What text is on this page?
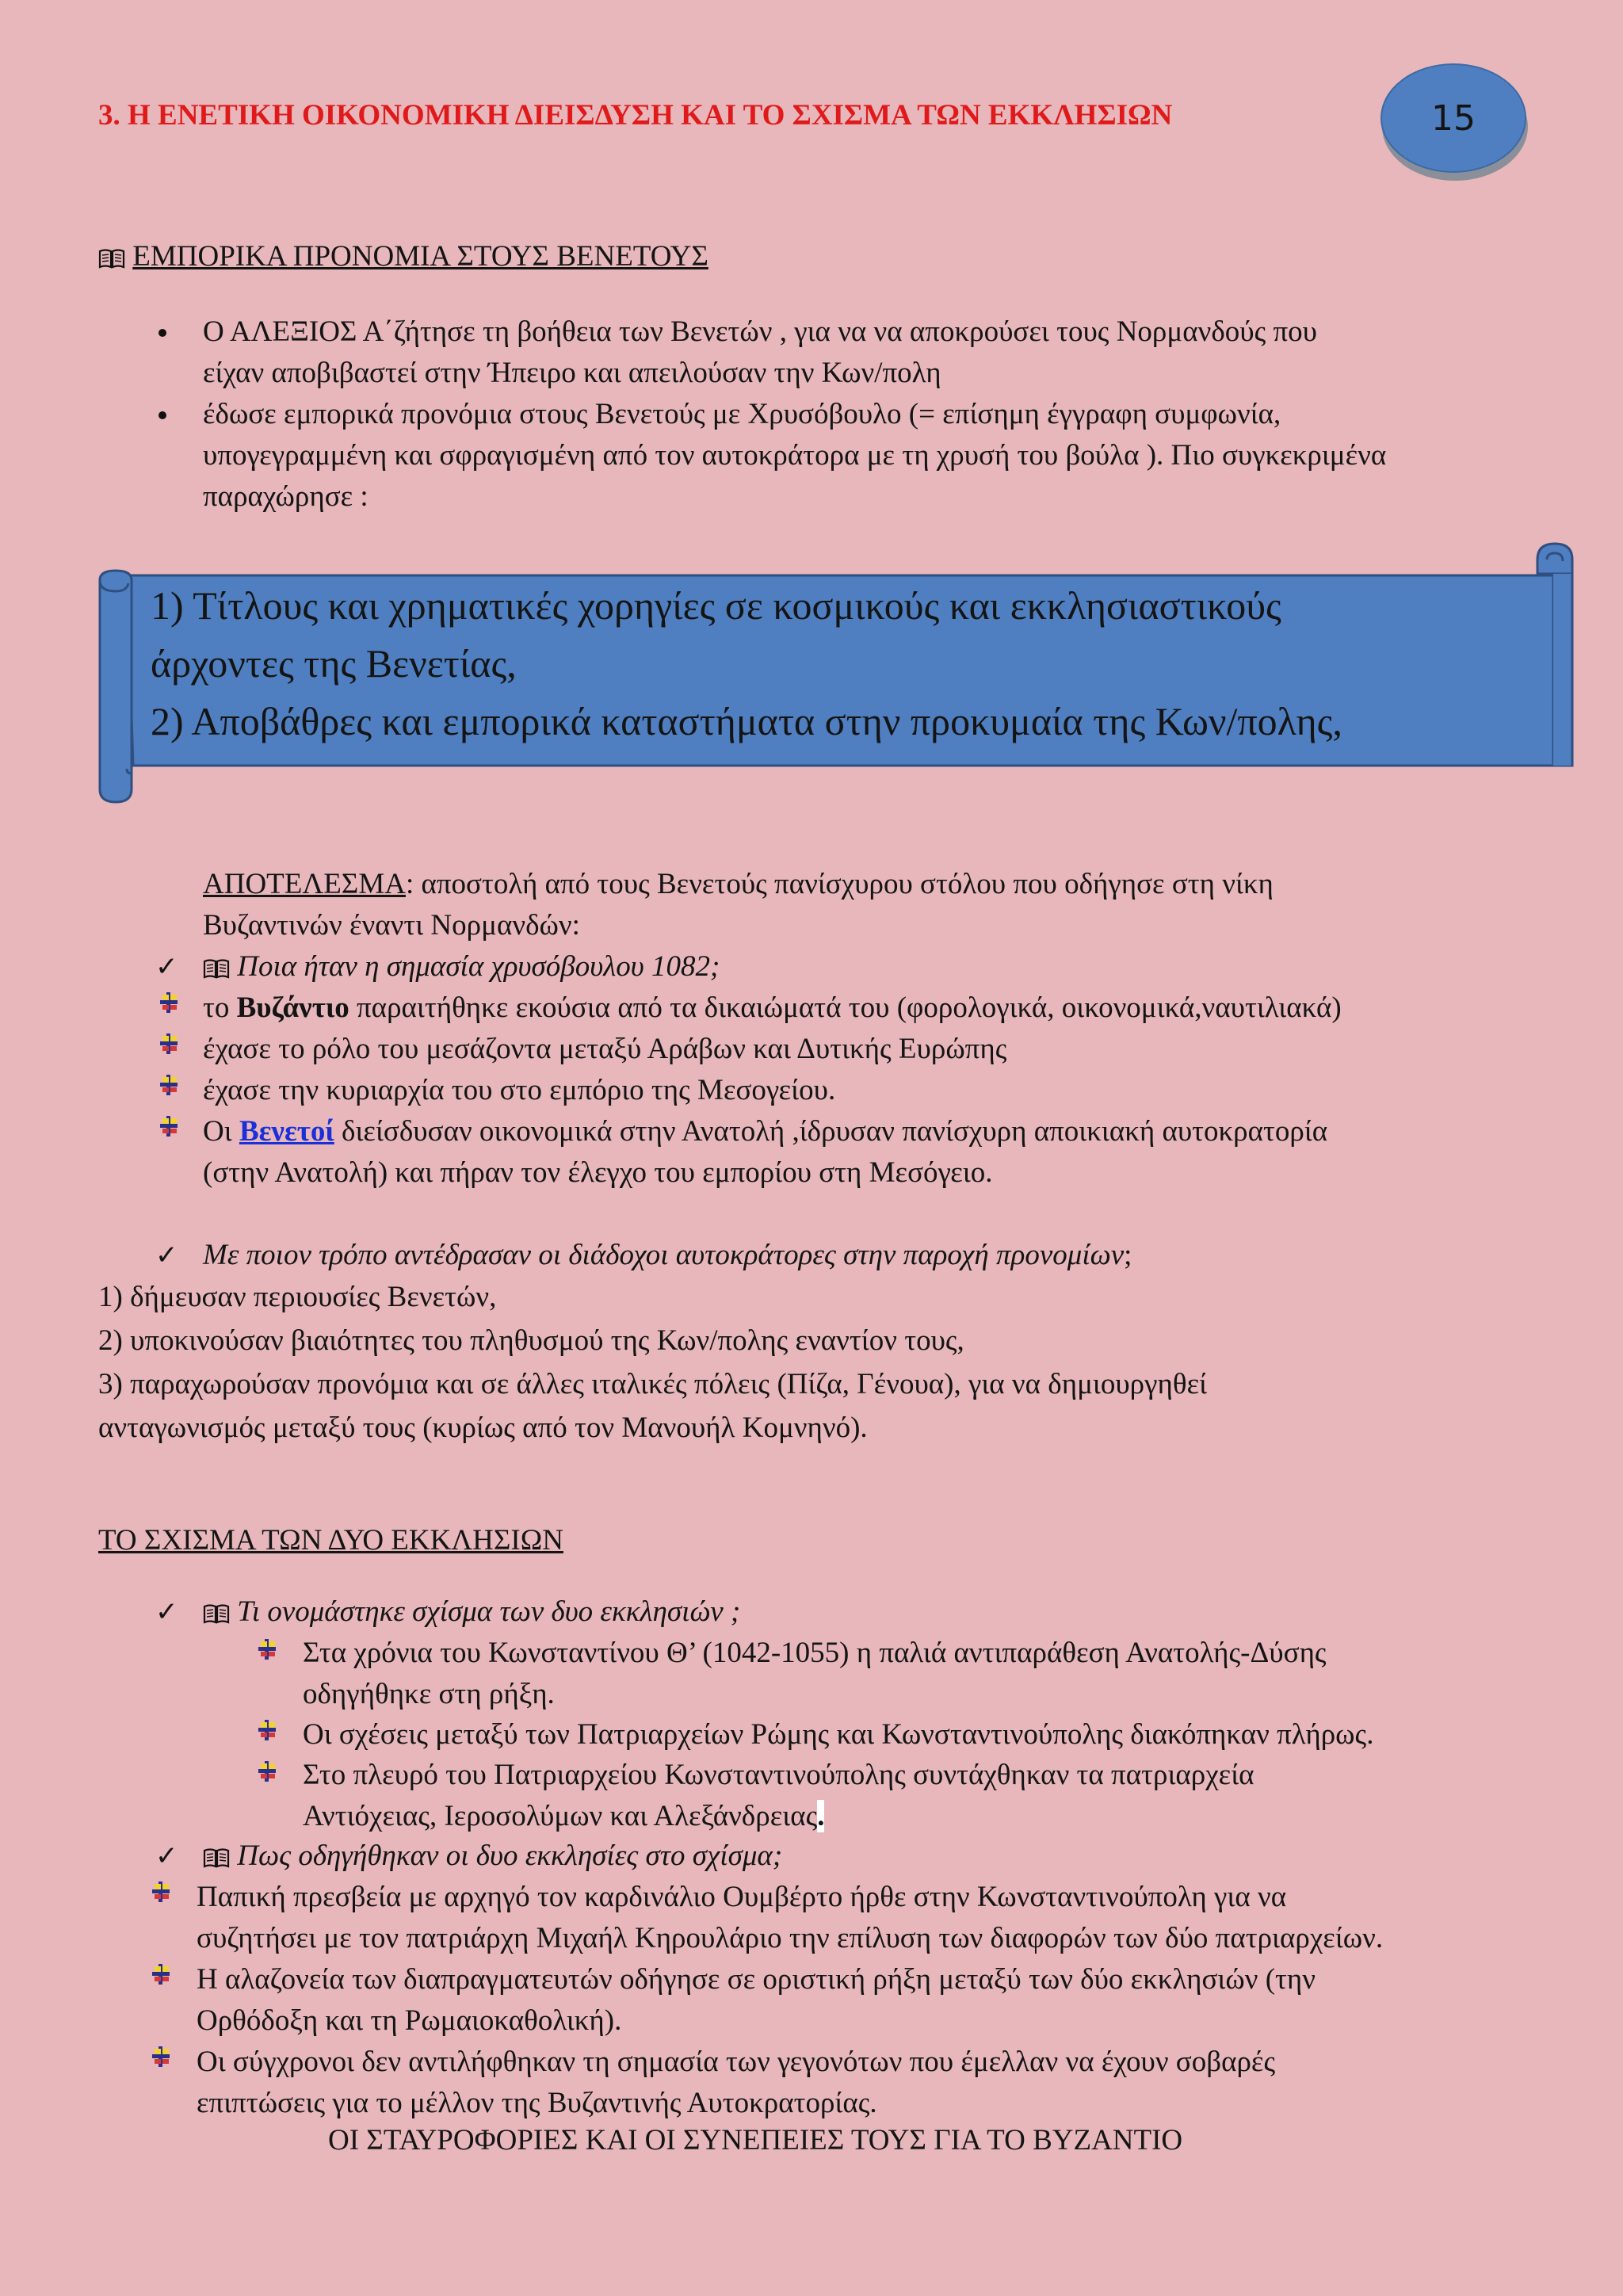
3. Η ΕΝΕΤΙΚΗ ΟΙΚΟΝΟΜΙΚΗ ΔΙΕΙΣΔΥΣΗ ΚΑΙ ΤΟ ΣΧΙΣΜΑ ΤΩΝ ΕΚΚΛΗΣΙΩΝ	15
ΕΜΠΟΡΙΚΑ ΠΡΟΝΟΜΙΑ ΣΤΟΥΣ ΒΕΝΕΤΟΥΣ
Ο ΑΛΕΞΙΟΣ Α΄ζήτησε τη βοήθεια των Βενετών , για να να αποκρούσει τους Νορμανδούς που
είχαν αποβιβαστεί στην Ήπειρο και απειλούσαν την Κων/πολη
έδωσε εμπορικά προνόμια στους Βενετούς με Χρυσόβουλο (= επίσημη έγγραφη συμφωνία,
υπογεγραμμένη και σφραγισμένη από τον αυτοκράτορα με τη χρυσή του βούλα ). Πιο συγκεκριμένα
παραχώρησε :
1) Τίτλους και χρηματικές χορηγίες σε κοσμικούς και εκκλησιαστικούς
άρχοντες της Βενετίας,
2) Αποβάθρες και εμπορικά καταστήματα στην προκυμαία της Κων/πολης,
ΑΠΟΤΕΛΕΣΜΑ: αποστολή από τους Βενετούς πανίσχυρου στόλου που οδήγησε στη νίκη
Βυζαντινών έναντι Νορμανδών:
✓	Ποια ήταν η σημασία χρυσόβουλου 1082;
το Βυζάντιο παραιτήθηκε εκούσια από τα δικαιώματά του (φορολογικά, οικονομικά,ναυτιλιακά)
έχασε το ρόλο του μεσάζοντα μεταξύ Αράβων και Δυτικής Ευρώπης
έχασε την κυριαρχία του στο εμπόριο της Μεσογείου.
Οι Βενετοί διείσδυσαν οικονομικά στην Ανατολή ,ίδρυσαν πανίσχυρη αποικιακή αυτοκρατορία
(στην Ανατολή) και πήραν τον έλεγχο του εμπορίου στη Μεσόγειο.
✓ Με ποιον τρόπο αντέδρασαν οι διάδοχοι αυτοκράτορες στην παροχή προνομίων;
1) δήμευσαν περιουσίες Βενετών,
2) υποκινούσαν βιαιότητες του πληθυσμού της Κων/πολης εναντίον τους,
3) παραχωρούσαν προνόμια και σε άλλες ιταλικές πόλεις (Πίζα, Γένουα), για να δημιουργηθεί
ανταγωνισμός μεταξύ τους (κυρίως από τον Μανουήλ Κομνηνό).
ΤΟ ΣΧΙΣΜΑ ΤΩΝ ΔΥΟ ΕΚΚΛΗΣΙΩΝ
✓	Τι ονομάστηκε σχίσμα των δυο εκκλησιών ;
Στα χρόνια του Κωνσταντίνου Θ’ (1042-1055) η παλιά αντιπαράθεση Ανατολής-Δύσης
οδηγήθηκε στη ρήξη.
Οι σχέσεις μεταξύ των Πατριαρχείων Ρώμης και Κωνσταντινούπολης διακόπηκαν πλήρως.
Στο πλευρό του Πατριαρχείου Κωνσταντινούπολης συντάχθηκαν τα πατριαρχεία
Αντιόχειας, Ιεροσολύμων και Αλεξάνδρειας.
✓	Πως οδηγήθηκαν οι δυο εκκλησίες στο σχίσμα;
Παπική πρεσβεία με αρχηγό τον καρδινάλιο Ουμβέρτο ήρθε στην Κωνσταντινούπολη για να
συζητήσει με τον πατριάρχη Μιχαήλ Κηρουλάριο την επίλυση των διαφορών των δύο πατριαρχείων.
Η αλαζονεία των διαπραγματευτών οδήγησε σε οριστική ρήξη μεταξύ των δύο εκκλησιών (την
Ορθόδοξη και τη Ρωμαιοκαθολική).
Οι σύγχρονοι δεν αντιλήφθηκαν τη σημασία των γεγονότων που έμελλαν να έχουν σοβαρές
επιπτώσεις για το μέλλον της Βυζαντινής Αυτοκρατορίας.
ΟΙ ΣΤΑΥΡΟΦΟΡΙΕΣ ΚΑΙ ΟΙ ΣΥΝΕΠΕΙΕΣ ΤΟΥΣ ΓΙΑ ΤΟ ΒΥΖΑΝΤΙΟ
